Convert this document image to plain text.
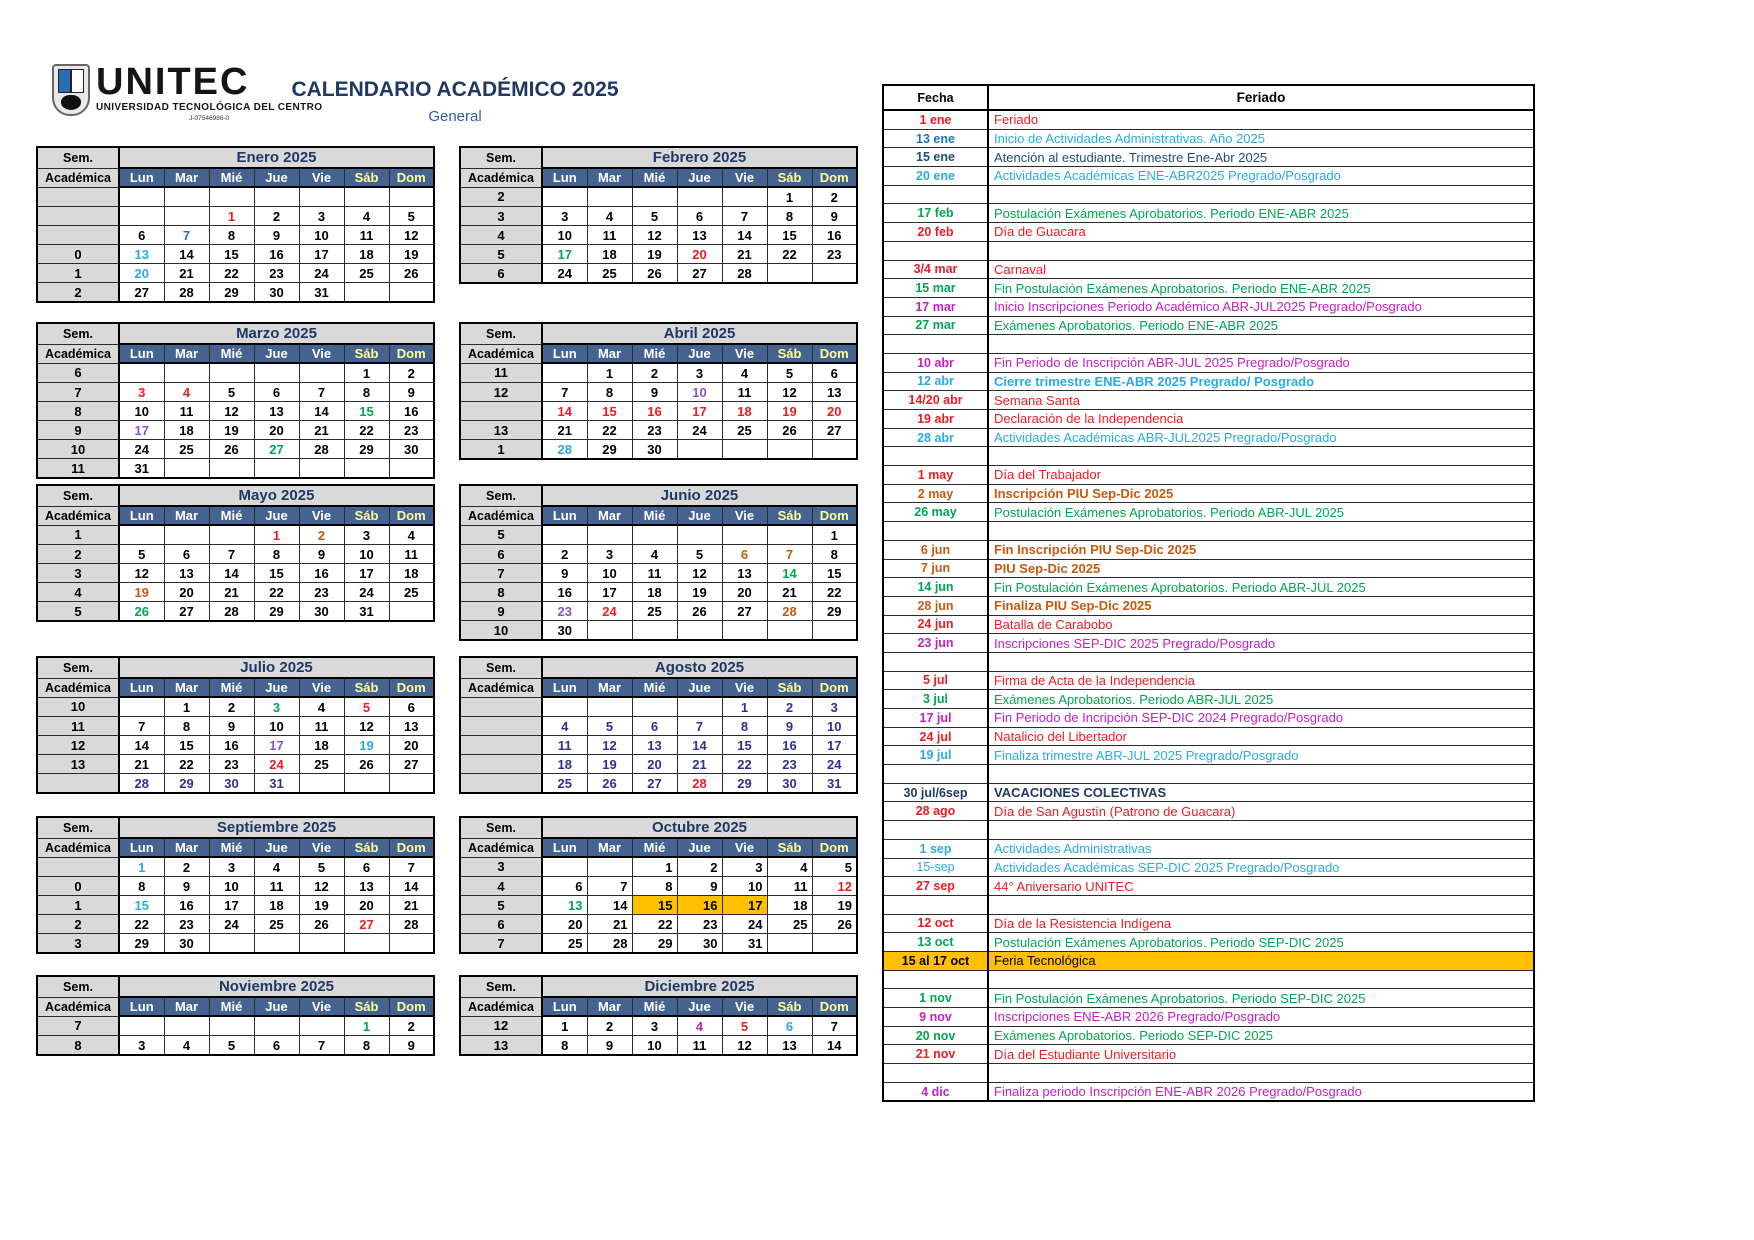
UNITEC
UNIVERSIDAD TECNOLÓGICA DEL CENTRO
J-07546986-0
CALENDARIO ACADÉMICO 2025
General
Sem.	Enero 2025						
Académica	Lun	Mar	Mié	Jue	Vie	Sáb	Dom

			1	2	3	4	5
	6	7	8	9	10	11	12
0	13	14	15	16	17	18	19
1	20	21	22	23	24	25	26
2	27	28	29	30	31		
Sem.	Febrero 2025						
Académica	Lun	Mar	Mié	Jue	Vie	Sáb	Dom
2						1	2
3	3	4	5	6	7	8	9
4	10	11	12	13	14	15	16
5	17	18	19	20	21	22	23
6	24	25	26	27	28		
Sem.	Marzo 2025						
Académica	Lun	Mar	Mié	Jue	Vie	Sáb	Dom
6						1	2
7	3	4	5	6	7	8	9
8	10	11	12	13	14	15	16
9	17	18	19	20	21	22	23
10	24	25	26	27	28	29	30
11	31						
Sem.	Abril 2025						
Académica	Lun	Mar	Mié	Jue	Vie	Sáb	Dom
11		1	2	3	4	5	6
12	7	8	9	10	11	12	13
	14	15	16	17	18	19	20
13	21	22	23	24	25	26	27
1	28	29	30				
Sem.	Mayo 2025						
Académica	Lun	Mar	Mié	Jue	Vie	Sáb	Dom
1				1	2	3	4
2	5	6	7	8	9	10	11
3	12	13	14	15	16	17	18
4	19	20	21	22	23	24	25
5	26	27	28	29	30	31	
Sem.	Junio 2025						
Académica	Lun	Mar	Mié	Jue	Vie	Sáb	Dom
5							1
6	2	3	4	5	6	7	8
7	9	10	11	12	13	14	15
8	16	17	18	19	20	21	22
9	23	24	25	26	27	28	29
10	30						
Sem.	Julio 2025						
Académica	Lun	Mar	Mié	Jue	Vie	Sáb	Dom
10		1	2	3	4	5	6
11	7	8	9	10	11	12	13
12	14	15	16	17	18	19	20
13	21	22	23	24	25	26	27
	28	29	30	31			
Sem.	Agosto 2025						
Académica	Lun	Mar	Mié	Jue	Vie	Sáb	Dom
					1	2	3
	4	5	6	7	8	9	10
	11	12	13	14	15	16	17
	18	19	20	21	22	23	24
	25	26	27	28	29	30	31
Sem.	Septiembre 2025						
Académica	Lun	Mar	Mié	Jue	Vie	Sáb	Dom
	1	2	3	4	5	6	7
0	8	9	10	11	12	13	14
1	15	16	17	18	19	20	21
2	22	23	24	25	26	27	28
3	29	30					
Sem.	Octubre 2025						
Académica	Lun	Mar	Mié	Jue	Vie	Sáb	Dom
3			1	2	3	4	5
4	6	7	8	9	10	11	12
5	13	14	15	16	17	18	19
6	20	21	22	23	24	25	26
7	25	28	29	30	31		
Sem.	Noviembre 2025						
Académica	Lun	Mar	Mié	Jue	Vie	Sáb	Dom
7						1	2
8	3	4	5	6	7	8	9
Sem.	Diciembre 2025						
Académica	Lun	Mar	Mié	Jue	Vie	Sáb	Dom
12	1	2	3	4	5	6	7
13	8	9	10	11	12	13	14
Fecha	Feriado
1 ene	Feriado
13 ene	Inicio de Actividades Administrativas. Año 2025
15 ene	Atención al estudiante. Trimestre Ene-Abr 2025
20 ene	Actividades Académicas ENE-ABR2025 Pregrado/Posgrado

17 feb	Postulación Exámenes Aprobatorios. Periodo ENE-ABR 2025
20 feb	Día de Guacara

3/4 mar	Carnaval
15 mar	Fin Postulación Exámenes Aprobatorios. Periodo ENE-ABR 2025
17 mar	Inicio Inscripciones Periodo Académico ABR-JUL2025 Pregrado/Posgrado
27 mar	Exámenes Aprobatorios. Periodo ENE-ABR 2025

10 abr	Fin Periodo de Inscripción ABR-JUL 2025 Pregrado/Posgrado
12 abr	Cierre trimestre ENE-ABR 2025 Pregrado/ Posgrado
14/20 abr	Semana Santa
19 abr	Declaración de la Independencia
28 abr	Actividades Académicas ABR-JUL2025 Pregrado/Posgrado

1 may	Día del Trabajador
2 may	Inscripción PIU Sep-Dic 2025
26 may	Postulación Exámenes Aprobatorios. Periodo ABR-JUL 2025

6 jun	Fin Inscripción PIU Sep-Dic 2025
7 jun	PIU Sep-Dic 2025
14 jun	Fin Postulación Exámenes Aprobatorios. Periodo ABR-JUL 2025
28 jun	Finaliza PIU Sep-Dic 2025
24 jun	Batalla de Carabobo
23 jun	Inscripciones SEP-DIC 2025 Pregrado/Posgrado

5 jul	Firma de Acta de la Independencia
3 jul	Exámenes Aprobatorios. Periodo ABR-JUL 2025
17 jul	Fin Periodo de Incripción SEP-DIC 2024 Pregrado/Posgrado
24 jul	Natalicio del Libertador
19 jul	Finaliza trimestre ABR-JUL 2025 Pregrado/Posgrado

30 jul/6sep	VACACIONES COLECTIVAS
28 ago	Día de San Agustín (Patrono de Guacara)

1 sep	Actividades Administrativas
15-sep	Actividades Académicas SEP-DIC 2025 Pregrado/Posgrado
27 sep	44° Aniversario UNITEC

12 oct	Día de la Resistencia Indígena
13 oct	Postulación Exámenes Aprobatorios. Periodo SEP-DIC 2025
15 al 17 oct	Feria Tecnológica

1 nov	Fin Postulación Exámenes Aprobatorios. Periodo SEP-DIC 2025
9 nov	Inscripciones ENE-ABR 2026 Pregrado/Posgrado
20 nov	Exámenes Aprobatorios. Periodo SEP-DIC 2025
21 nov	Día del Estudiante Universitario

4 dic	Finaliza periodo Inscripción ENE-ABR 2026 Pregrado/Posgrado
